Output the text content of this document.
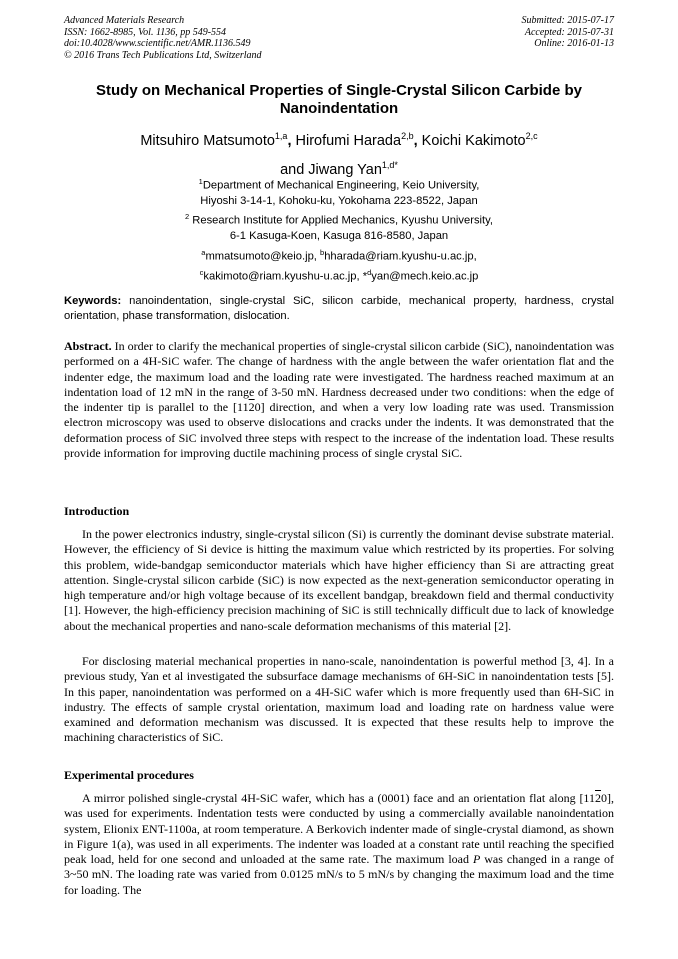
Advanced Materials Research
ISSN: 1662-8985, Vol. 1136, pp 549-554
doi:10.4028/www.scientific.net/AMR.1136.549
© 2016 Trans Tech Publications Ltd, Switzerland
Submitted: 2015-07-17
Accepted: 2015-07-31
Online: 2016-01-13
Study on Mechanical Properties of Single-Crystal Silicon Carbide by Nanoindentation
Mitsuhiro Matsumoto$^{1,a}$, Hirofumi Harada$^{2,b}$, Koichi Kakimoto$^{2,c}$
and Jiwang Yan$^{1,d*}$
$^1$Department of Mechanical Engineering, Keio University,
Hiyoshi 3-14-1, Kohoku-ku, Yokohama 223-8522, Japan
$^2$ Research Institute for Applied Mechanics, Kyushu University,
6-1 Kasuga-Koen, Kasuga 816-8580, Japan
$^a$mmatsumoto@keio.jp, $^b$hharada@riam.kyushu-u.ac.jp,
$^c$kakimoto@riam.kyushu-u.ac.jp, *$^d$yan@mech.keio.ac.jp
Keywords: nanoindentation, single-crystal SiC, silicon carbide, mechanical property, hardness, crystal orientation, phase transformation, dislocation.
Abstract. In order to clarify the mechanical properties of single-crystal silicon carbide (SiC), nanoindentation was performed on a 4H-SiC wafer. The change of hardness with the angle between the wafer orientation flat and the indenter edge, the maximum load and the loading rate were investigated. The hardness reached maximum at an indentation load of 12 mN in the range of 3-50 mN. Hardness decreased under two conditions: when the edge of the indenter tip is parallel to the [1120] direction, and when a very low loading rate was used. Transmission electron microscopy was used to observe dislocations and cracks under the indents. It was demonstrated that the deformation process of SiC involved three steps with respect to the increase of the indentation load. These results provide information for improving ductile machining process of single crystal SiC.
Introduction
In the power electronics industry, single-crystal silicon (Si) is currently the dominant devise substrate material. However, the efficiency of Si device is hitting the maximum value which restricted by its properties. For solving this problem, wide-bandgap semiconductor materials which have higher efficiency than Si are attracting great attention. Single-crystal silicon carbide (SiC) is now expected as the next-generation semiconductor operating in high temperature and/or high voltage because of its excellent bandgap, breakdown field and thermal conductivity [1]. However, the high-efficiency precision machining of SiC is still technically difficult due to lack of knowledge about the mechanical properties and nano-scale deformation mechanisms of this material [2].
For disclosing material mechanical properties in nano-scale, nanoindentation is powerful method [3, 4]. In a previous study, Yan et al investigated the subsurface damage mechanisms of 6H-SiC in nanoindentation tests [5]. In this paper, nanoindentation was performed on a 4H-SiC wafer which is more frequently used than 6H-SiC in industry. The effects of sample crystal orientation, maximum load and loading rate on hardness value were examined and deformation mechanism was discussed. It is expected that these results help to improve the machining characteristics of SiC.
Experimental procedures
A mirror polished single-crystal 4H-SiC wafer, which has a (0001) face and an orientation flat along [1120], was used for experiments. Indentation tests were conducted by using a commercially available nanoindentation system, Elionix ENT-1100a, at room temperature. A Berkovich indenter made of single-crystal diamond, as shown in Figure 1(a), was used in all experiments. The indenter was loaded at a constant rate until reaching the specified peak load, held for one second and unloaded at the same rate. The maximum load P was changed in a range of 3~50 mN. The loading rate was varied from 0.0125 mN/s to 5 mN/s by changing the maximum load and the time for loading. The
